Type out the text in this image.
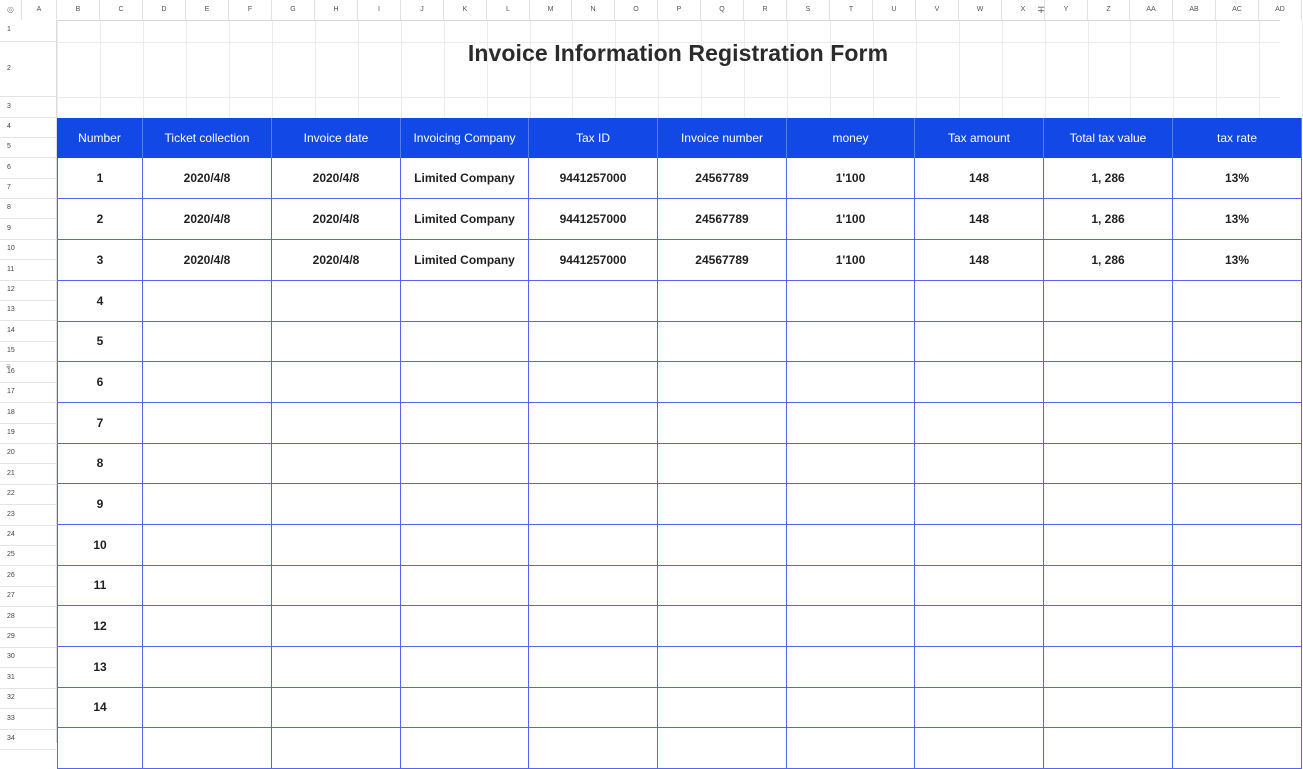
◎	A	B	C	D	E	F	G	H	I	J	K	L	M	N	O	P	Q	R	S	T	U	V	W	X	Y	Z	AA	AB	AC	AD
∓
1
2
3
4
5
6
7
8
9
10
11
12
13
14
15
16
17
18
19
20
21
22
23
24
25
26
27
28
29
30
31
32
33
34
≡
Invoice Information Registration Form
Number	Ticket collection	Invoice date	Invoicing Company	Tax ID	Invoice number	money	Tax amount	Total tax value	tax rate
1	2020/4/8	2020/4/8	Limited Company	9441257000	24567789	1'100	148	1, 286	13%
2	2020/4/8	2020/4/8	Limited Company	9441257000	24567789	1'100	148	1, 286	13%
3	2020/4/8	2020/4/8	Limited Company	9441257000	24567789	1'100	148	1, 286	13%
4
5
6
7
8
9
10
11
12
13
14
